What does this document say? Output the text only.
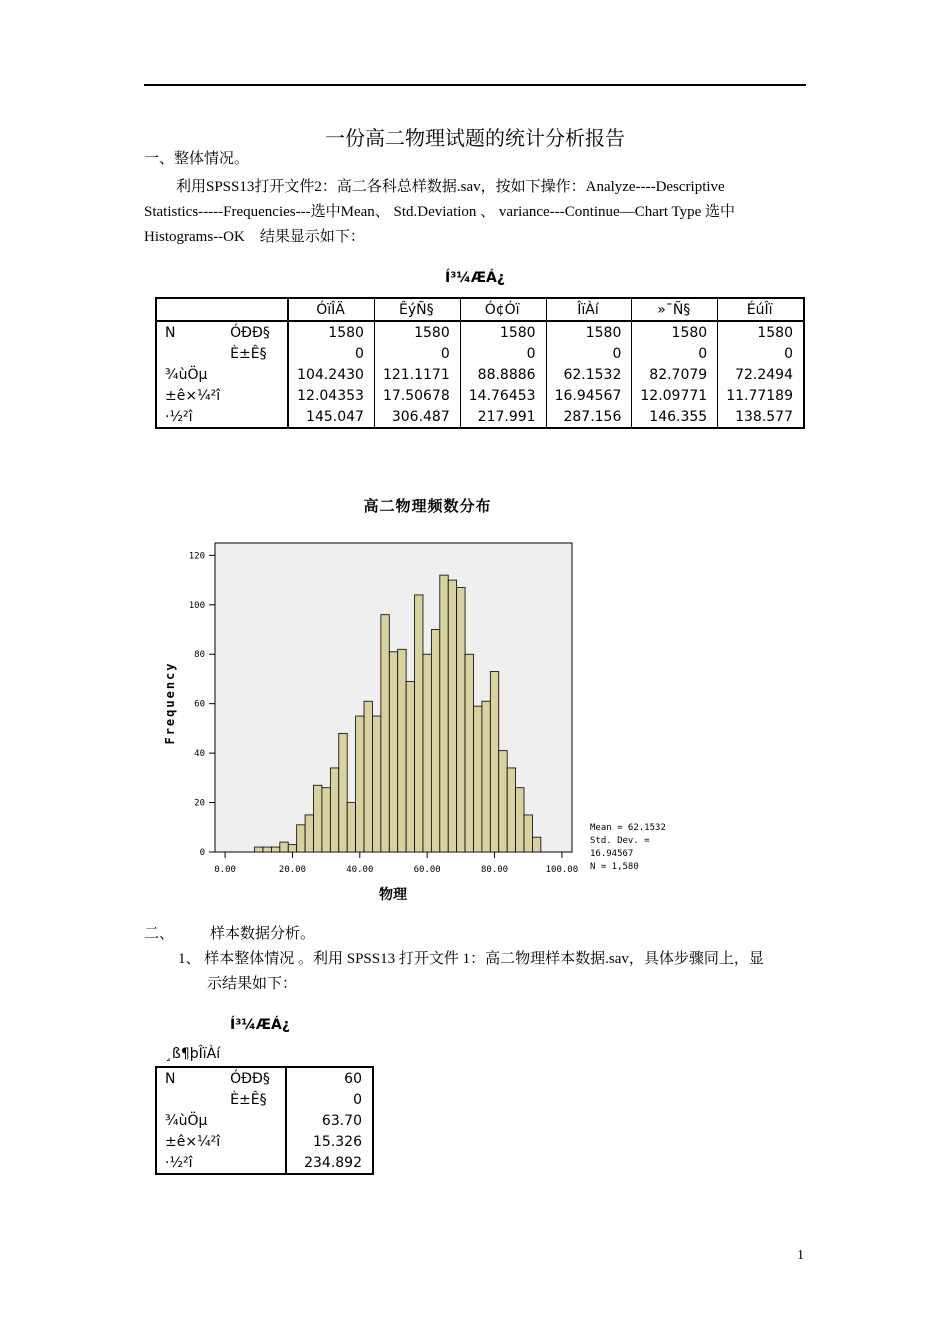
一份高二物理试题的统计分析报告
一、整体情况。
利用SPSS13打开文件2：高二各科总样数据.sav，按如下操作：Analyze----Descriptive
Statistics-----Frequencies---选中Mean、 Std.Deviation 、 variance---Continue—Chart Type 选中
Histograms--OK　结果显示如下：
Í³¼ÆÁ¿
		ÓïÎÄ	ÊýÑ§	Ó¢Óï	ÎïÀí	»¯Ñ§	ÉúÎï
N	ÓÐÐ§	1580	1580	1580	1580	1580	1580
	È±Ê§	0	0	0	0	0	0
¾ùÖµ		104.2430	121.1171	88.8886	62.1532	82.7079	72.2494
±ê×¼²î		12.04353	17.50678	14.76453	16.94567	12.09771	11.77189
·½²î		145.047	306.487	217.991	287.156	146.355	138.577
高二物理频数分布
0
20
40
60
80
100
120
0.00	20.00	40.00	60.00	80.00	100.00
Frequency
物理
Mean = 62.1532
Std. Dev. =
16.94567
N = 1,580
二、 样本数据分析。
1、 样本整体情况 。利用 SPSS13 打开文件 1：高二物理样本数据.sav，具体步骤同上，显
示结果如下：
Í³¼ÆÁ¿
¸ß¶þÎïÀí
N	ÓÐÐ§	60
	È±Ê§	0
¾ùÖµ		63.70
±ê×¼²î		15.326
·½²î		234.892
1
